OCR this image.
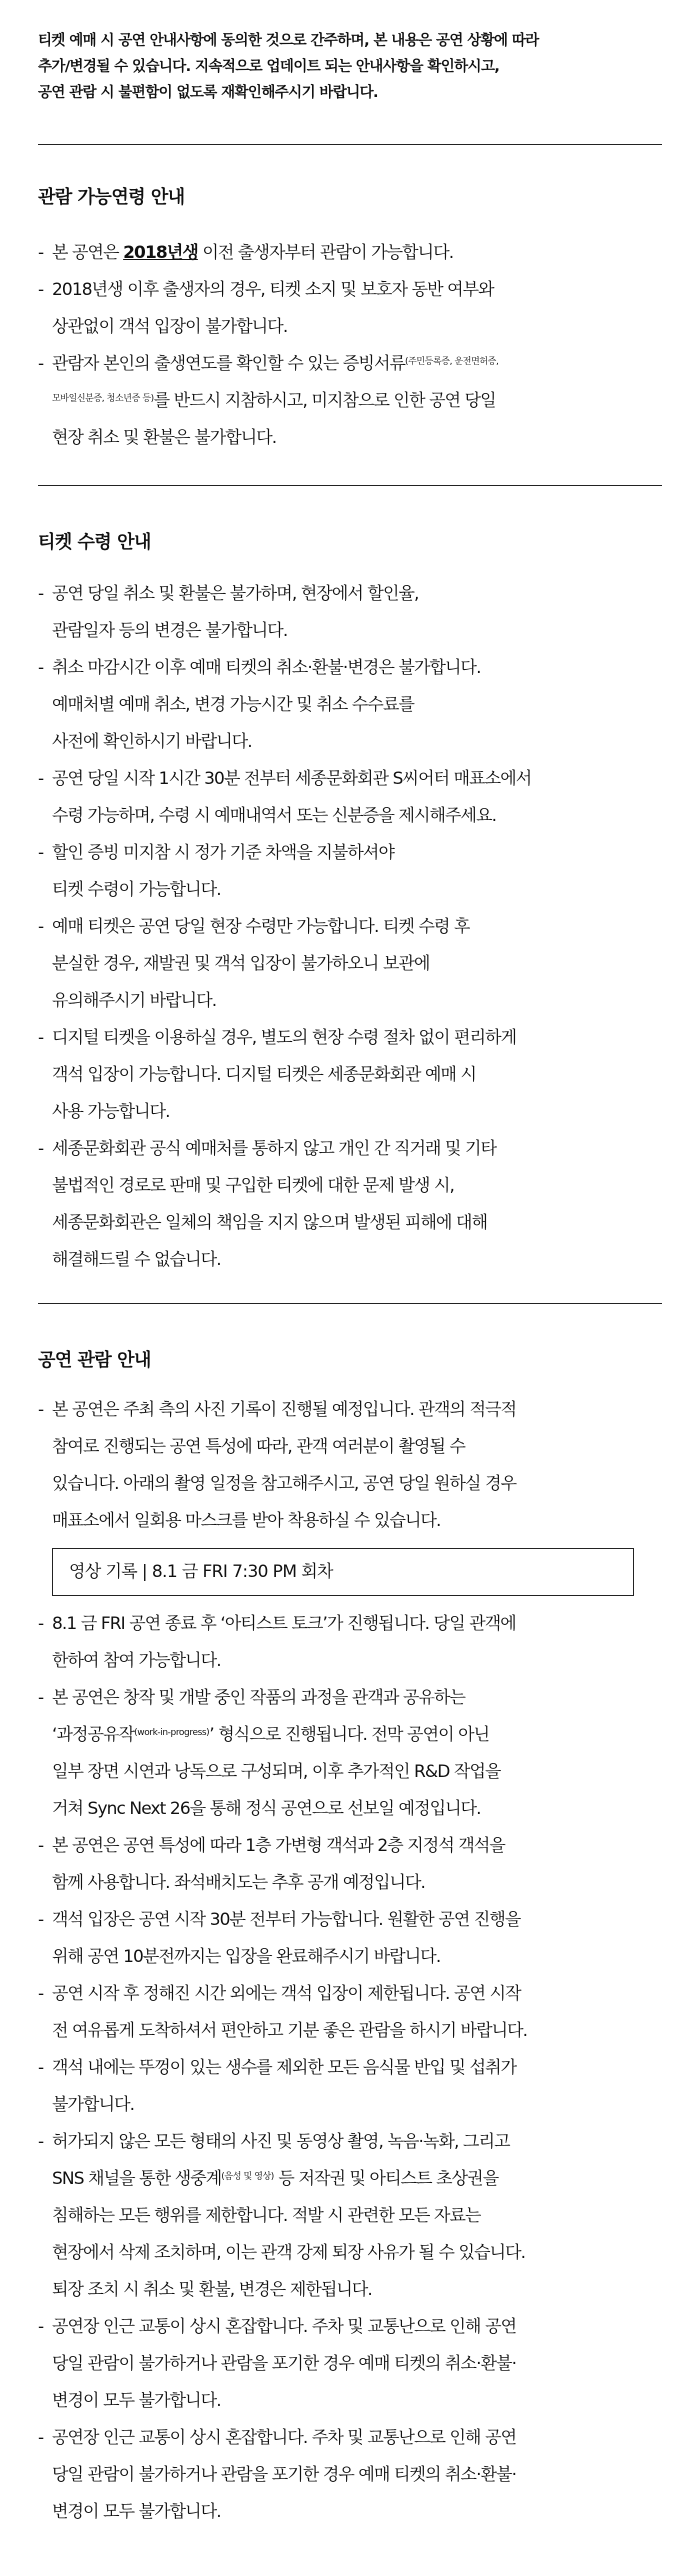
티켓 예매 시 공연 안내사항에 동의한 것으로 간주하며, 본 내용은 공연 상황에 따라
추가/변경될 수 있습니다. 지속적으로 업데이트 되는 안내사항을 확인하시고,
공연 관람 시 불편함이 없도록 재확인해주시기 바랍니다.

관람 가능연령 안내
- 본 공연은 2018년생 이전 출생자부터 관람이 가능합니다.
- 2018년생 이후 출생자의 경우, 티켓 소지 및 보호자 동반 여부와
상관없이 객석 입장이 불가합니다.
- 관람자 본인의 출생연도를 확인할 수 있는 증빙서류$^{(주민등록증, 운전면허증,}$
$^{모바일신분증, 청소년증 등)}$를 반드시 지참하시고, 미지참으로 인한 공연 당일
현장 취소 및 환불은 불가합니다.
티켓 수령 안내
- 공연 당일 취소 및 환불은 불가하며, 현장에서 할인율,
관람일자 등의 변경은 불가합니다.
- 취소 마감시간 이후 예매 티켓의 취소·환불·변경은 불가합니다.
예매처별 예매 취소, 변경 가능시간 및 취소 수수료를
사전에 확인하시기 바랍니다.
- 공연 당일 시작 1시간 30분 전부터 세종문화회관 S씨어터 매표소에서
수령 가능하며, 수령 시 예매내역서 또는 신분증을 제시해주세요.
- 할인 증빙 미지참 시 정가 기준 차액을 지불하셔야
티켓 수령이 가능합니다.
- 예매 티켓은 공연 당일 현장 수령만 가능합니다. 티켓 수령 후
분실한 경우, 재발권 및 객석 입장이 불가하오니 보관에
유의해주시기 바랍니다.
- 디지털 티켓을 이용하실 경우, 별도의 현장 수령 절차 없이 편리하게
객석 입장이 가능합니다. 디지털 티켓은 세종문화회관 예매 시
사용 가능합니다.
- 세종문화회관 공식 예매처를 통하지 않고 개인 간 직거래 및 기타
불법적인 경로로 판매 및 구입한 티켓에 대한 문제 발생 시,
세종문화회관은 일체의 책임을 지지 않으며 발생된 피해에 대해
해결해드릴 수 없습니다.
공연 관람 안내
- 본 공연은 주최 측의 사진 기록이 진행될 예정입니다. 관객의 적극적
참여로 진행되는 공연 특성에 따라, 관객 여러분이 촬영될 수
있습니다. 아래의 촬영 일정을 참고해주시고, 공연 당일 원하실 경우
매표소에서 일회용 마스크를 받아 착용하실 수 있습니다.
영상 기록 | 8.1 금 FRI 7:30 PM 회차
- 8.1 금 FRI 공연 종료 후 ‘아티스트 토크’가 진행됩니다. 당일 관객에
한하여 참여 가능합니다.
- 본 공연은 창작 및 개발 중인 작품의 과정을 관객과 공유하는
‘과정공유작$^{(work-in-progress)}$’ 형식으로 진행됩니다. 전막 공연이 아닌
일부 장면 시연과 낭독으로 구성되며, 이후 추가적인 R&D 작업을
거쳐 Sync Next 26을 통해 정식 공연으로 선보일 예정입니다.
- 본 공연은 공연 특성에 따라 1층 가변형 객석과 2층 지정석 객석을
함께 사용합니다. 좌석배치도는 추후 공개 예정입니다.
- 객석 입장은 공연 시작 30분 전부터 가능합니다. 원활한 공연 진행을
위해 공연 10분전까지는 입장을 완료해주시기 바랍니다.
- 공연 시작 후 정해진 시간 외에는 객석 입장이 제한됩니다. 공연 시작
전 여유롭게 도착하셔서 편안하고 기분 좋은 관람을 하시기 바랍니다.
- 객석 내에는 뚜껑이 있는 생수를 제외한 모든 음식물 반입 및 섭취가
불가합니다.
- 허가되지 않은 모든 형태의 사진 및 동영상 촬영, 녹음·녹화, 그리고
SNS 채널을 통한 생중계$^{(음성 및 영상)}$ 등 저작권 및 아티스트 초상권을
침해하는 모든 행위를 제한합니다. 적발 시 관련한 모든 자료는
현장에서 삭제 조치하며, 이는 관객 강제 퇴장 사유가 될 수 있습니다.
퇴장 조치 시 취소 및 환불, 변경은 제한됩니다.
- 공연장 인근 교통이 상시 혼잡합니다. 주차 및 교통난으로 인해 공연
당일 관람이 불가하거나 관람을 포기한 경우 예매 티켓의 취소·환불·
변경이 모두 불가합니다.
- 공연장 인근 교통이 상시 혼잡합니다. 주차 및 교통난으로 인해 공연
당일 관람이 불가하거나 관람을 포기한 경우 예매 티켓의 취소·환불·
변경이 모두 불가합니다.
